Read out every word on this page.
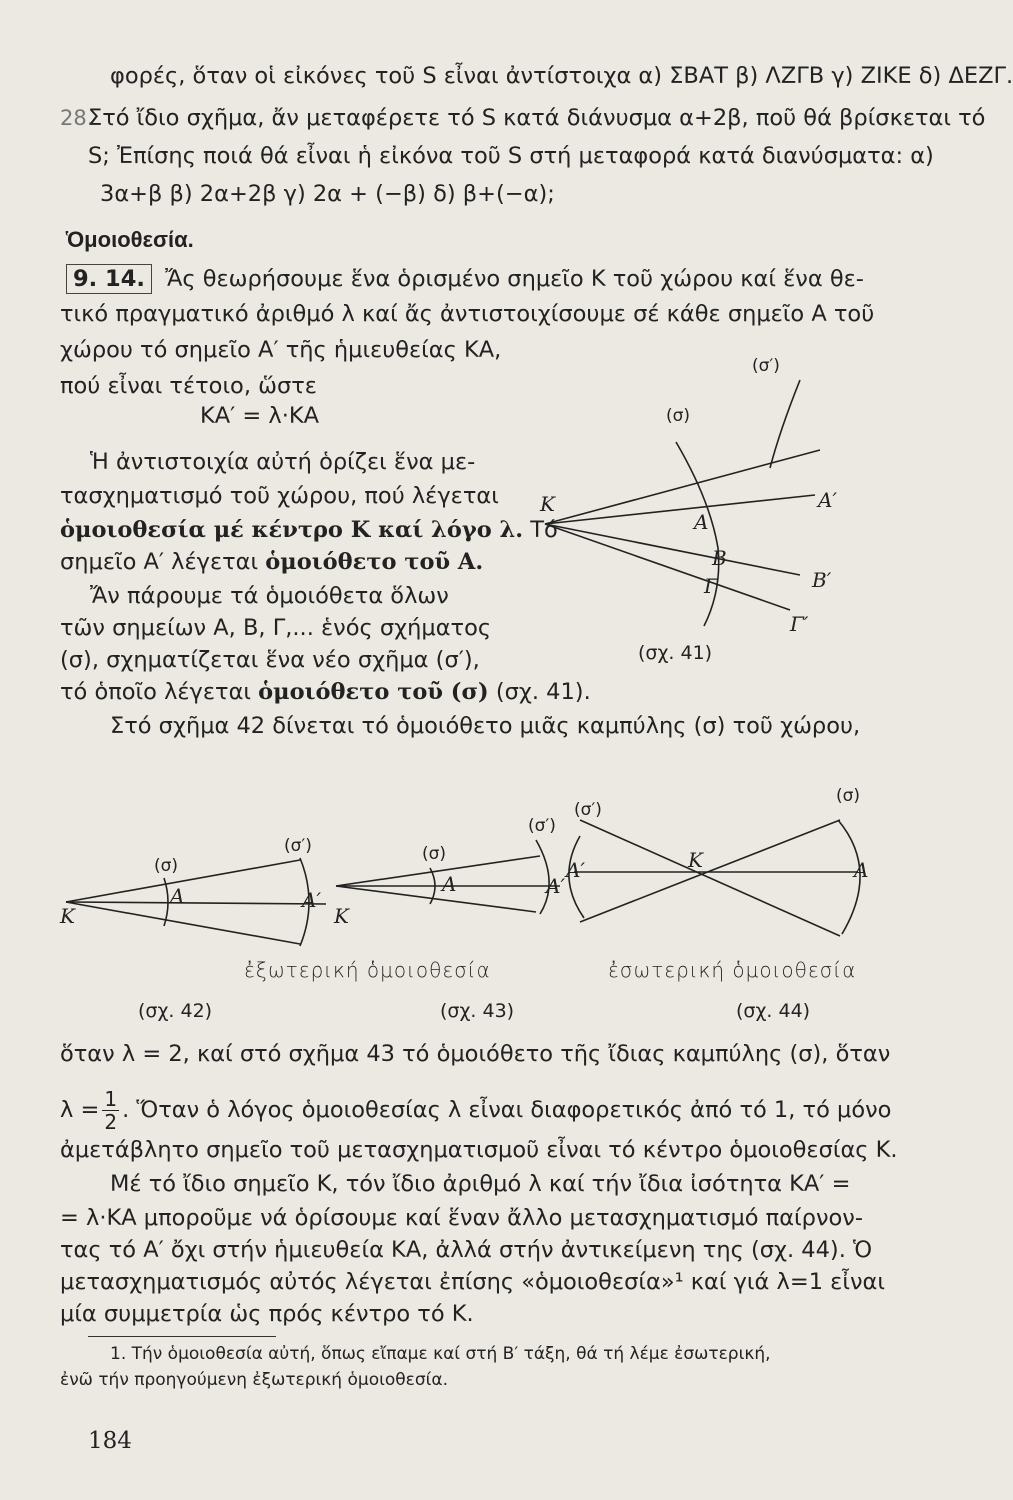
φορές, ὅταν οἱ εἰκόνες τοῦ S εἶναι ἀντίστοιχα α) ΣΒΑΤ β) ΛΖΓΒ γ) ΖΙΚΕ δ) ΔΕΖΓ.
28.
Στό ἴδιο σχῆμα, ἄν μεταφέρετε τό S κατά διάνυσμα α+2β, ποῦ θά βρίσκεται τό
S; Ἐπίσης ποιά θά εἶναι ἡ εἰκόνα τοῦ S στή μεταφορά κατά διανύσματα: α)
3α+β β) 2α+2β γ) 2α + (−β) δ) β+(−α);
Ὁμοιοθεσία.
9. 14. Ἄς θεωρήσουμε ἕνα ὁρισμένο σημεῖο Κ τοῦ χώρου καί ἕνα θε-
τικό πραγματικό ἀριθμό λ καί ἄς ἀντιστοιχίσουμε σέ κάθε σημεῖο Α τοῦ
χώρου τό σημεῖο Α′ τῆς ἡμιευθείας ΚΑ,
πού εἶναι τέτοιο, ὥστε
ΚΑ′ = λ·ΚΑ
Ἡ ἀντιστοιχία αὐτή ὁρίζει ἕνα με-
τασχηματισμό τοῦ χώρου, πού λέγεται
ὁμοιοθεσία μέ κέντρο Κ καί λόγο λ. Τό
σημεῖο Α′ λέγεται ὁμοιόθετο τοῦ Α.
Ἄν πάρουμε τά ὁμοιόθετα ὅλων
τῶν σημείων Α, Β, Γ,... ἑνός σχήματος
(σ), σχηματίζεται ἕνα νέο σχῆμα (σ′),
τό ὁποῖο λέγεται ὁμοιόθετο τοῦ (σ) (σχ. 41).
Κ
Α
Α′
Β
Β′
Γ
Γ′
(σ)
(σ′)
(σχ. 41)
Στό σχῆμα 42 δίνεται τό ὁμοιόθετο μιᾶς καμπύλης (σ) τοῦ χώρου,
Κ
Α	Α′
(σ)
(σ′)
(σχ. 42)
Κ
Α	Α′
(σ)
(σ′)
(σχ. 43)
Κ
Α′	Α
(σ′)
(σ)
(σχ. 44)
ἐξωτερική ὁμοιοθεσία	ἐσωτερική ὁμοιοθεσία
ὅταν λ = 2, καί στό σχῆμα 43 τό ὁμοιόθετο τῆς ἴδιας καμπύλης (σ), ὅταν
$\lambda = \frac{1}{2}$ . Ὅταν ὁ λόγος ὁμοιοθεσίας λ εἶναι διαφορετικός ἀπό τό 1, τό μόνο
ἀμετάβλητο σημεῖο τοῦ μετασχηματισμοῦ εἶναι τό κέντρο ὁμοιοθεσίας Κ.
Μέ τό ἴδιο σημεῖο Κ, τόν ἴδιο ἀριθμό λ καί τήν ἴδια ἰσότητα ΚΑ′ =
= λ·ΚΑ μποροῦμε νά ὁρίσουμε καί ἕναν ἄλλο μετασχηματισμό παίρνον-
τας τό Α′ ὄχι στήν ἡμιευθεία ΚΑ, ἀλλά στήν ἀντικείμενη της (σχ. 44). Ὁ
μετασχηματισμός αὐτός λέγεται ἐπίσης «ὁμοιοθεσία»¹ καί γιά λ=1 εἶναι
μία συμμετρία ὡς πρός κέντρο τό Κ.
1. Τήν ὁμοιοθεσία αὐτή, ὅπως εἴπαμε καί στή Β′ τάξη, θά τή λέμε ἐσωτερική,
ἐνῶ τήν προηγούμενη ἐξωτερική ὁμοιοθεσία.
184
